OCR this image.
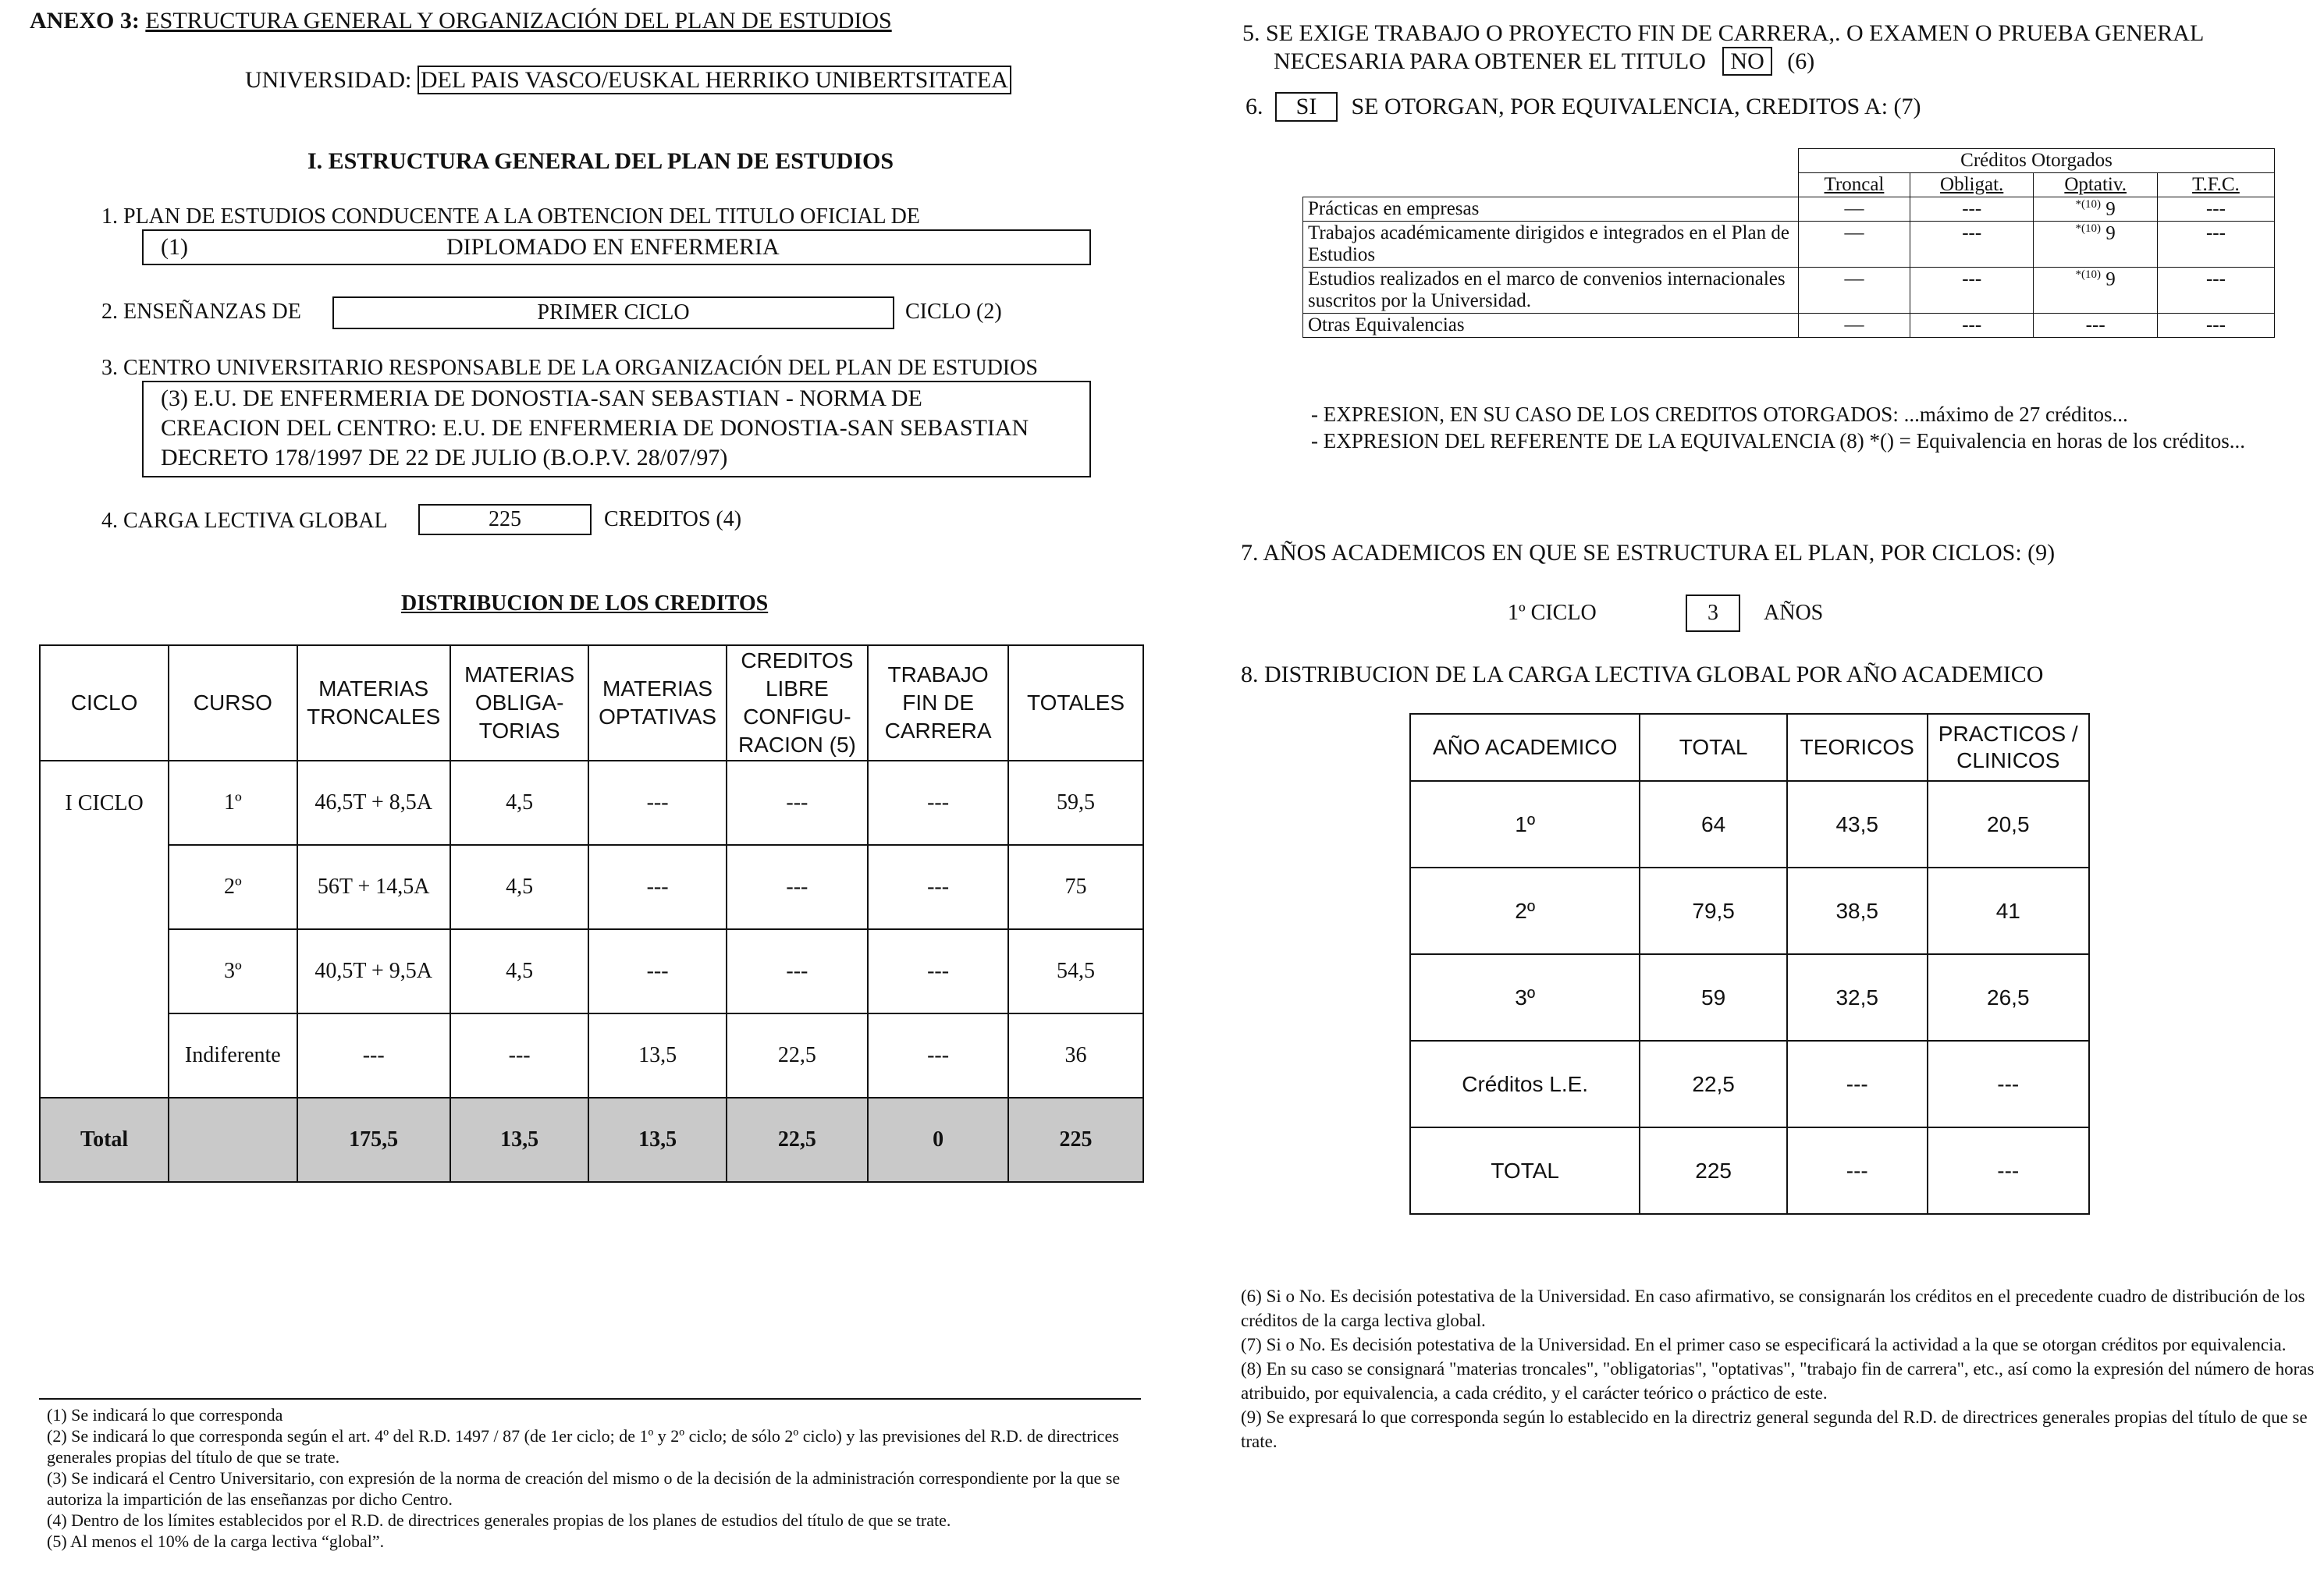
ANEXO 3: ESTRUCTURA GENERAL Y ORGANIZACIÓN DEL PLAN DE ESTUDIOS
UNIVERSIDAD: DEL PAIS VASCO/EUSKAL HERRIKO UNIBERTSITATEA
I. ESTRUCTURA GENERAL DEL PLAN DE ESTUDIOS
1. PLAN DE ESTUDIOS CONDUCENTE A LA OBTENCION DEL TITULO OFICIAL DE
(1)	DIPLOMADO EN ENFERMERIA
2. ENSEÑANZAS DE	PRIMER CICLO	CICLO (2)
3. CENTRO UNIVERSITARIO RESPONSABLE DE LA ORGANIZACIÓN DEL PLAN DE ESTUDIOS
(3) E.U. DE ENFERMERIA DE DONOSTIA-SAN SEBASTIAN - NORMA DE
CREACION DEL CENTRO: E.U. DE ENFERMERIA DE DONOSTIA-SAN SEBASTIAN
DECRETO 178/1997 DE 22 DE JULIO (B.O.P.V. 28/07/97)
4. CARGA LECTIVA GLOBAL	225	CREDITOS (4)
DISTRIBUCION DE LOS CREDITOS
CICLO	CURSO	MATERIAS TRONCALES	MATERIAS OBLIGA-TORIAS	MATERIAS OPTATIVAS	CREDITOS LIBRE CONFIGU-RACION (5)	TRABAJO FIN DE CARRERA	TOTALES
I CICLO	1º	46,5T + 8,5A	4,5	---	---	---	59,5
	2º	56T + 14,5A	4,5	---	---	---	75
	3º	40,5T + 9,5A	4,5	---	---	---	54,5
	Indiferente	---	---	13,5	22,5	---	36
Total		175,5	13,5	13,5	22,5	0	225
(1) Se indicará lo que corresponda
(2) Se indicará lo que corresponda según el art. 4º del R.D. 1497 / 87 (de 1er ciclo; de 1º y 2º ciclo; de sólo 2º ciclo) y las previsiones del R.D. de directrices generales propias del título de que se trate.
(3) Se indicará el Centro Universitario, con expresión de la norma de creación del mismo o de la decisión de la administración correspondiente por la que se autoriza la impartición de las enseñanzas por dicho Centro.
(4) Dentro de los límites establecidos por el R.D. de directrices generales propias de los planes de estudios del título de que se trate.
(5) Al menos el 10% de la carga lectiva “global”.
5. SE EXIGE TRABAJO O PROYECTO FIN DE CARRERA,. O EXAMEN O PRUEBA GENERAL
NECESARIA PARA OBTENER EL TITULO NO (6)
6. SI SE OTORGAN, POR EQUIVALENCIA, CREDITOS A: (7)
	Créditos Otorgados			
	Troncal	Obligat.	Optativ.	T.F.C.
Prácticas en empresas	—	---	$^{*(10)}$ 9	---
Trabajos académicamente dirigidos e integrados en el Plan de Estudios	—	---	$^{*(10)}$ 9	---
Estudios realizados en el marco de convenios internacionales suscritos por la Universidad.	—	---	$^{*(10)}$ 9	---
Otras Equivalencias	—	---	---	---
- EXPRESION, EN SU CASO DE LOS CREDITOS OTORGADOS: ...máximo de 27 créditos...
- EXPRESION DEL REFERENTE DE LA EQUIVALENCIA (8) *() = Equivalencia en horas de los créditos...
7. AÑOS ACADEMICOS EN QUE SE ESTRUCTURA EL PLAN, POR CICLOS: (9)
1º CICLO	3	AÑOS
8. DISTRIBUCION DE LA CARGA LECTIVA GLOBAL POR AÑO ACADEMICO
AÑO ACADEMICO	TOTAL	TEORICOS	PRACTICOS / CLINICOS
1º	64	43,5	20,5
2º	79,5	38,5	41
3º	59	32,5	26,5
Créditos L.E.	22,5	---	---
TOTAL	225	---	---
(6) Si o No. Es decisión potestativa de la Universidad. En caso afirmativo, se consignarán los créditos en el precedente cuadro de distribución de los créditos de la carga lectiva global.
(7) Si o No. Es decisión potestativa de la Universidad. En el primer caso se especificará la actividad a la que se otorgan créditos por equivalencia.
(8) En su caso se consignará "materias troncales", "obligatorias", "optativas", "trabajo fin de carrera", etc., así como la expresión del número de horas atribuido, por equivalencia, a cada crédito, y el carácter teórico o práctico de este.
(9) Se expresará lo que corresponda según lo establecido en la directriz general segunda del R.D. de directrices generales propias del título de que se trate.
